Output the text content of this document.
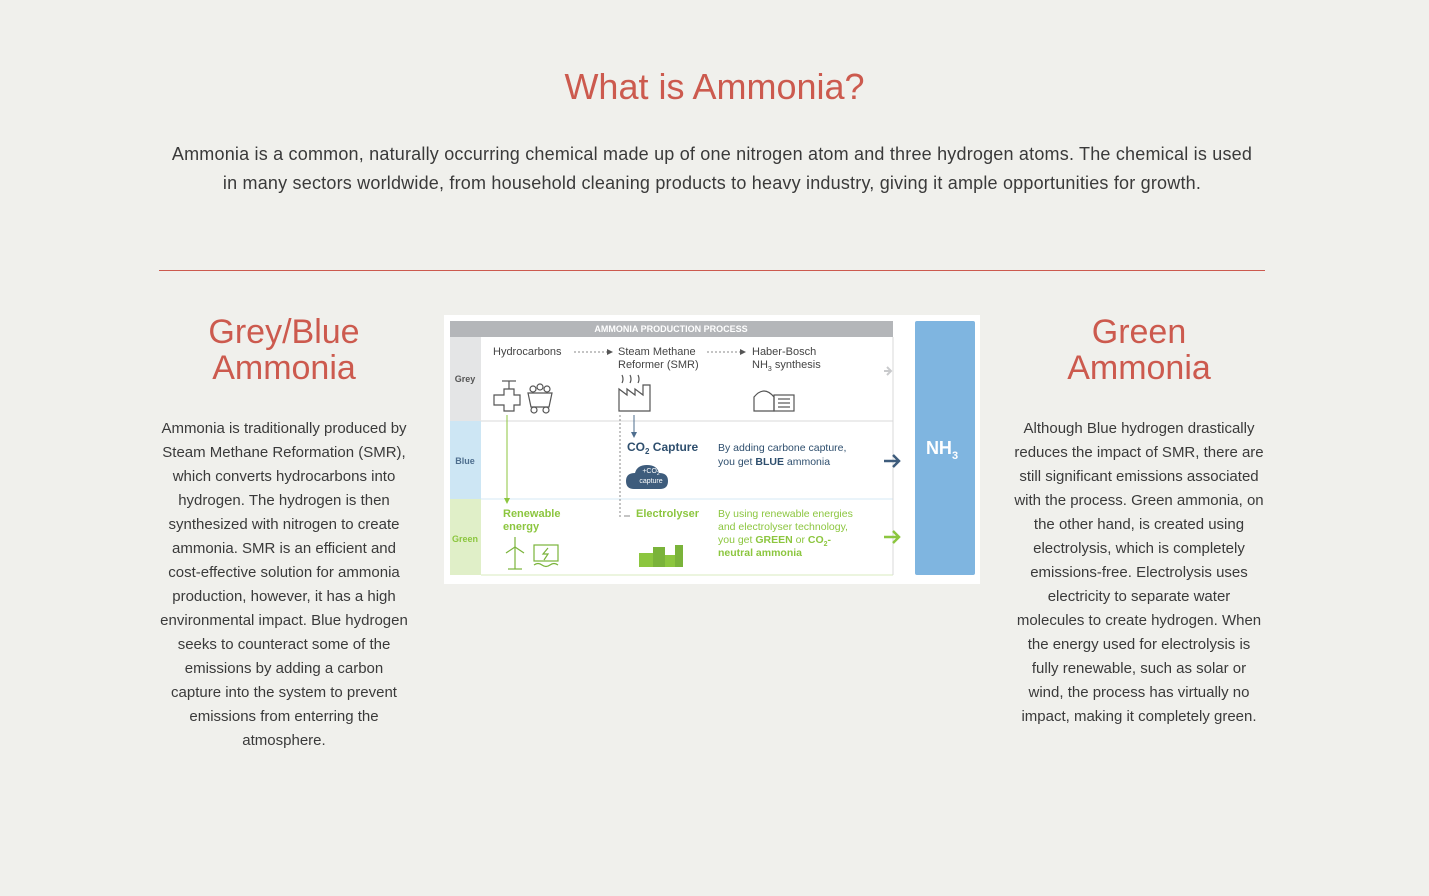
What is Ammonia?

Ammonia is a common, naturally occurring chemical made up of one nitrogen atom and three hydrogen atoms. The chemical is used in many sectors worldwide, from household cleaning products to heavy industry, giving it ample opportunities for growth.

Grey/Blue
Ammonia

Ammonia is traditionally produced by Steam Methane Reformation (SMR), which converts hydrocarbons into hydrogen. The hydrogen is then synthesized with nitrogen to create ammonia. SMR is an efficient and cost-effective solution for ammonia production, however, it has a high environmental impact. Blue hydrogen seeks to counteract some of the emissions by adding a carbon capture into the system to prevent emissions from enterring the atmosphere.

Green
Ammonia

Although Blue hydrogen drastically reduces the impact of SMR, there are still significant emissions associated with the process. Green ammonia, on the other hand, is created using electrolysis, which is completely emissions-free. Electrolysis uses electricity to separate water molecules to create hydrogen. When the energy used for electrolysis is fully renewable, such as solar or wind, the process has virtually no impact, making it completely green.

AMMONIA PRODUCTION PROCESS
Grey
Blue
Green
Hydrocarbons	Steam Methane
Reformer (SMR)
Haber-Bosch
$NH_3$ synthesis
$CO_2$ Capture
$+CO_2$
capture
By adding carbone capture,
you get BLUE ammonia
Renewable
energy
Electrolyser By using renewable energies
and electrolyser technology,
you get GREEN or $CO_2-$
neutral ammonia
$NH_3$
